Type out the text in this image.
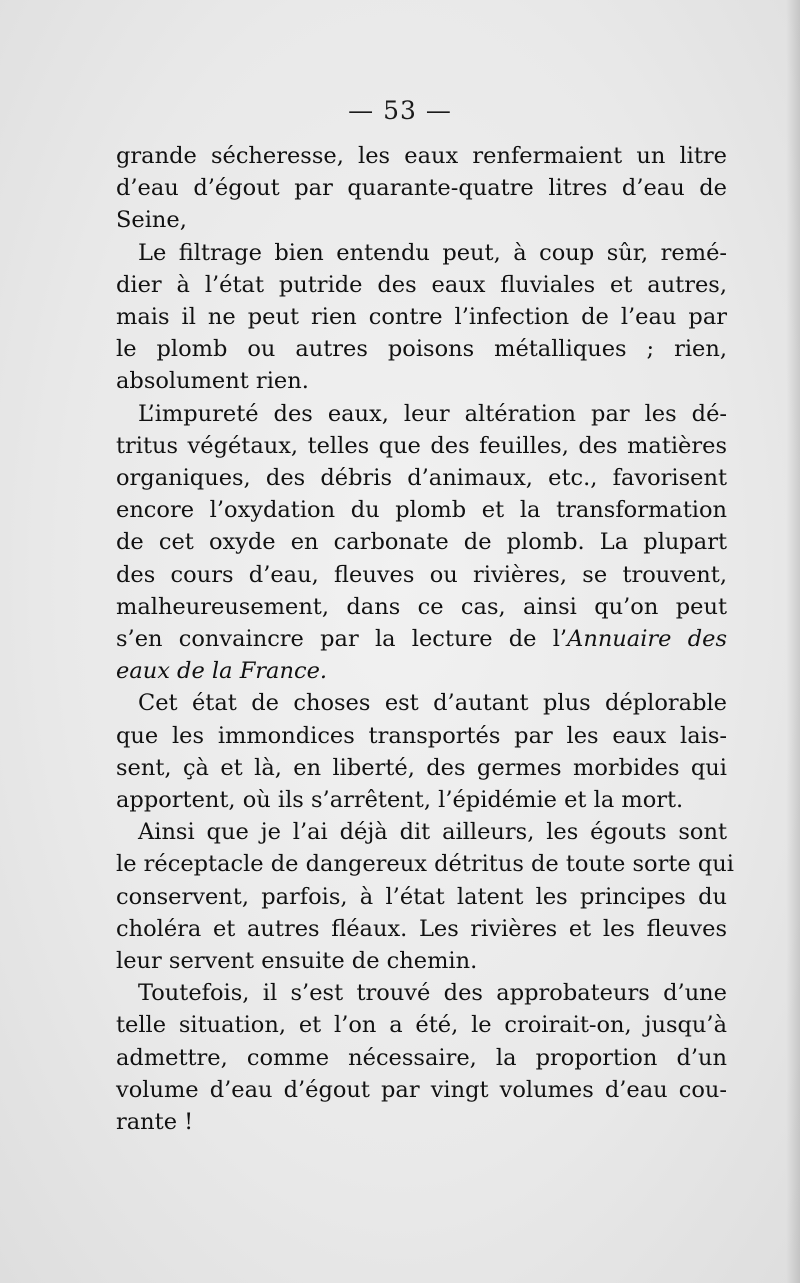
— 53 —
grande sécheresse, les eaux renfermaient un litre
d’eau d’égout par quarante-quatre litres d’eau de
Seine,
Le filtrage bien entendu peut, à coup sûr, remé-
dier à l’état putride des eaux fluviales et autres,
mais il ne peut rien contre l’infection de l’eau par
le plomb ou autres poisons métalliques ; rien,
absolument rien.
L’impureté des eaux, leur altération par les dé-
tritus végétaux, telles que des feuilles, des matières
organiques, des débris d’animaux, etc., favorisent
encore l’oxydation du plomb et la transformation
de cet oxyde en carbonate de plomb. La plupart
des cours d’eau, fleuves ou rivières, se trouvent,
malheureusement, dans ce cas, ainsi qu’on peut
s’en convaincre par la lecture de l’Annuaire des
eaux de la France.
Cet état de choses est d’autant plus déplorable
que les immondices transportés par les eaux lais-
sent, çà et là, en liberté, des germes morbides qui
apportent, où ils s’arrêtent, l’épidémie et la mort.
Ainsi que je l’ai déjà dit ailleurs, les égouts sont
le réceptacle de dangereux détritus de toute sorte qui
conservent, parfois, à l’état latent les principes du
choléra et autres fléaux. Les rivières et les fleuves
leur servent ensuite de chemin.
Toutefois, il s’est trouvé des approbateurs d’une
telle situation, et l’on a été, le croirait-on, jusqu’à
admettre, comme nécessaire, la proportion d’un
volume d’eau d’égout par vingt volumes d’eau cou-
rante !
